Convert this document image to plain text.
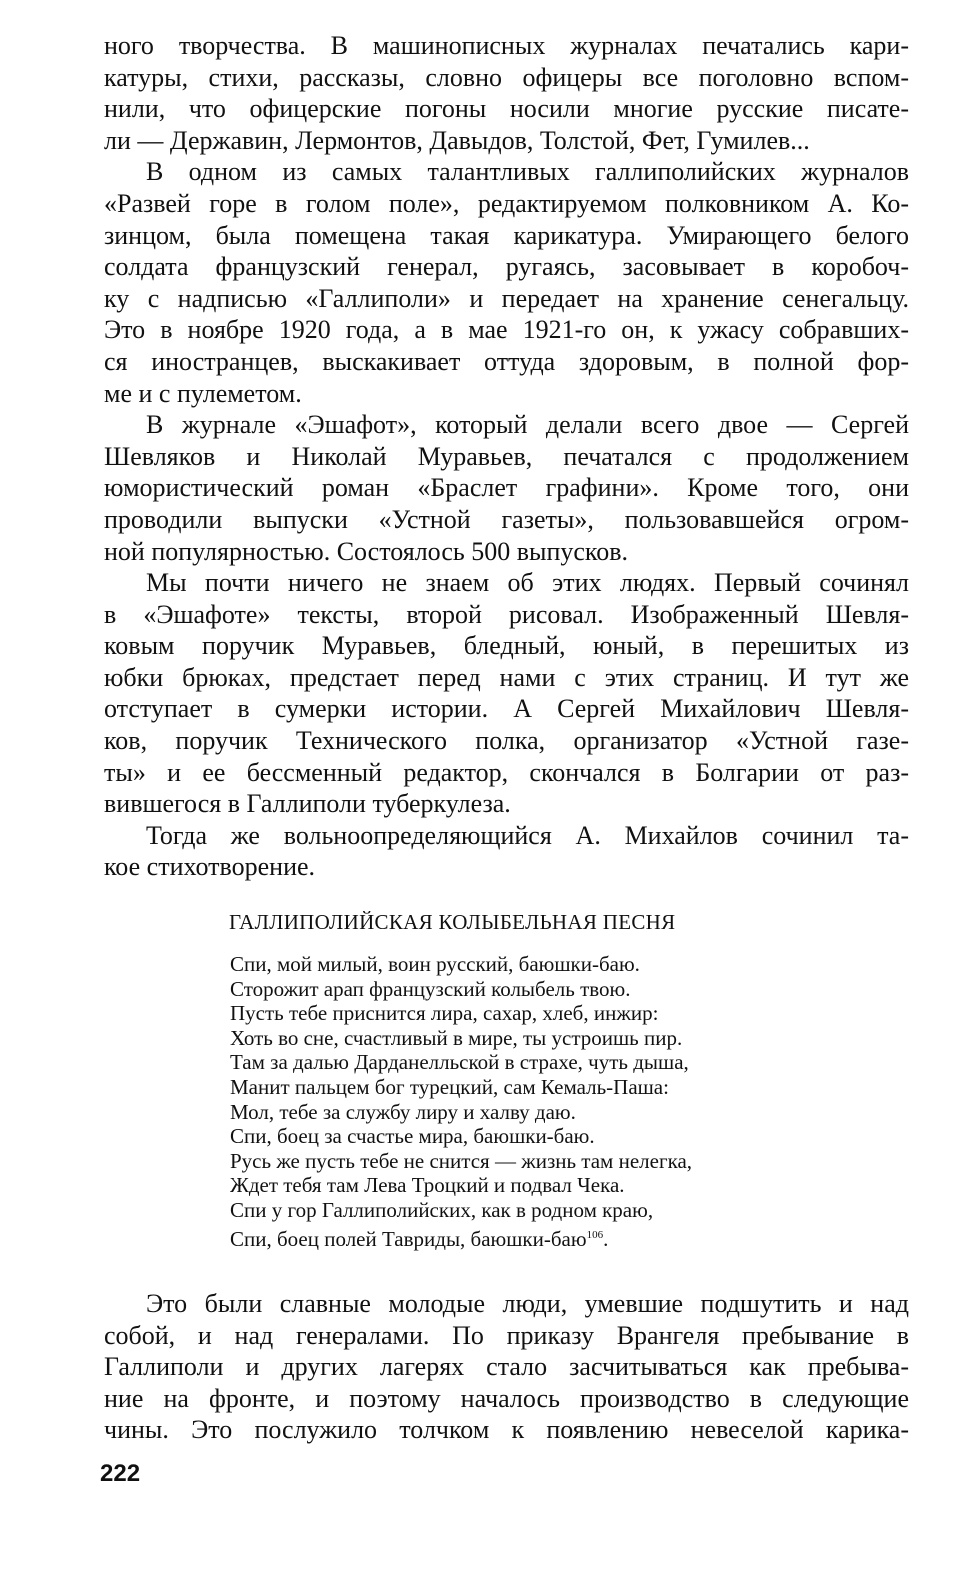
ного творчества. В машинописных журналах печатались кари-
катуры, стихи, рассказы, словно офицеры все поголовно вспом-
нили, что офицерские погоны носили многие русские писате-
ли — Державин, Лермонтов, Давыдов, Толстой, Фет, Гумилев...
В одном из самых талантливых галлиполийских журналов
«Развей горе в голом поле», редактируемом полковником А. Ко-
зинцом, была помещена такая карикатура. Умирающего белого
солдата французский генерал, ругаясь, засовывает в коробоч-
ку с надписью «Галлиполи» и передает на хранение сенегальцу.
Это в ноябре 1920 года, а в мае 1921-го он, к ужасу собравших-
ся иностранцев, выскакивает оттуда здоровым, в полной фор-
ме и с пулеметом.
В журнале «Эшафот», который делали всего двое — Сергей
Шевляков и Николай Муравьев, печатался с продолжением
юмористический роман «Браслет графини». Кроме того, они
проводили выпуски «Устной газеты», пользовавшейся огром-
ной популярностью. Состоялось 500 выпусков.
Мы почти ничего не знаем об этих людях. Первый сочинял
в «Эшафоте» тексты, второй рисовал. Изображенный Шевля-
ковым поручик Муравьев, бледный, юный, в перешитых из
юбки брюках, предстает перед нами с этих страниц. И тут же
отступает в сумерки истории. А Сергей Михайлович Шевля-
ков, поручик Технического полка, организатор «Устной газе-
ты» и ее бессменный редактор, скончался в Болгарии от раз-
вившегося в Галлиполи туберкулеза.
Тогда же вольноопределяющийся А. Михайлов сочинил та-
кое стихотворение.
ГАЛЛИПОЛИЙСКАЯ КОЛЫБЕЛЬНАЯ ПЕСНЯ
Спи, мой милый, воин русский, баюшки-баю.
Сторожит арап французский колыбель твою.
Пусть тебе приснится лира, сахар, хлеб, инжир:
Хоть во сне, счастливый в мире, ты устроишь пир.
Там за далью Дарданелльской в страхе, чуть дыша,
Манит пальцем бог турецкий, сам Кемаль-Паша:
Мол, тебе за службу лиру и халву даю.
Спи, боец за счастье мира, баюшки-баю.
Русь же пусть тебе не снится — жизнь там нелегка,
Ждет тебя там Лева Троцкий и подвал Чека.
Спи у гор Галлиполийских, как в родном краю,
Спи, боец полей Тавриды, баюшки-баю$^{106}$.
Это были славные молодые люди, умевшие подшутить и над
собой, и над генералами. По приказу Врангеля пребывание в
Галлиполи и других лагерях стало засчитываться как пребыва-
ние на фронте, и поэтому началось производство в следующие
чины. Это послужило толчком к появлению невеселой карика-
222
